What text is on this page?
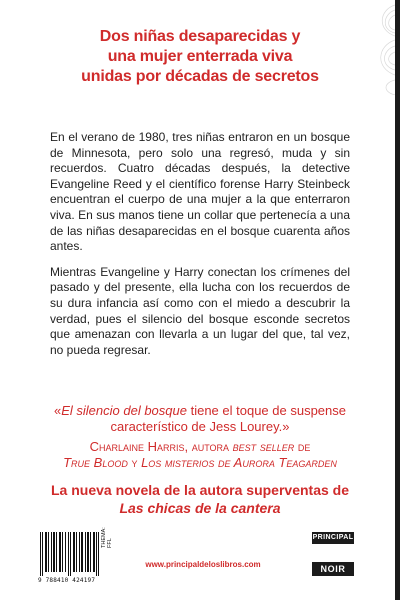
Dos niñas desaparecidas y
una mujer enterrada viva
unidas por décadas de secretos

En el verano de 1980, tres niñas entraron en un bosque de Minnesota, pero solo una regresó, muda y sin recuerdos. Cuatro décadas después, la detective Evangeline Reed y el científico forense Harry Steinbeck encuentran el cuerpo de una mujer a la que enterraron viva. En sus manos tiene un collar que pertenecía a una de las niñas desaparecidas en el bosque cuarenta años antes.

Mientras Evangeline y Harry conectan los crímenes del pasado y del presente, ella lucha con los recuerdos de su dura infancia así como con el miedo a descubrir la verdad, pues el silencio del bosque esconde secretos que amenazan con llevarla a un lugar del que, tal vez, no pueda regresar.

«El silencio del bosque tiene el toque de suspense característico de Jess Lourey.»
Charlaine Harris, autora best seller de
True Blood y Los misterios de Aurora Teagarden
La nueva novela de la autora superventas de
Las chicas de la cantera
9 788410 424197
THEMA: FFL
www.principaldeloslibros.com
PRINCIPAL
NOIR
